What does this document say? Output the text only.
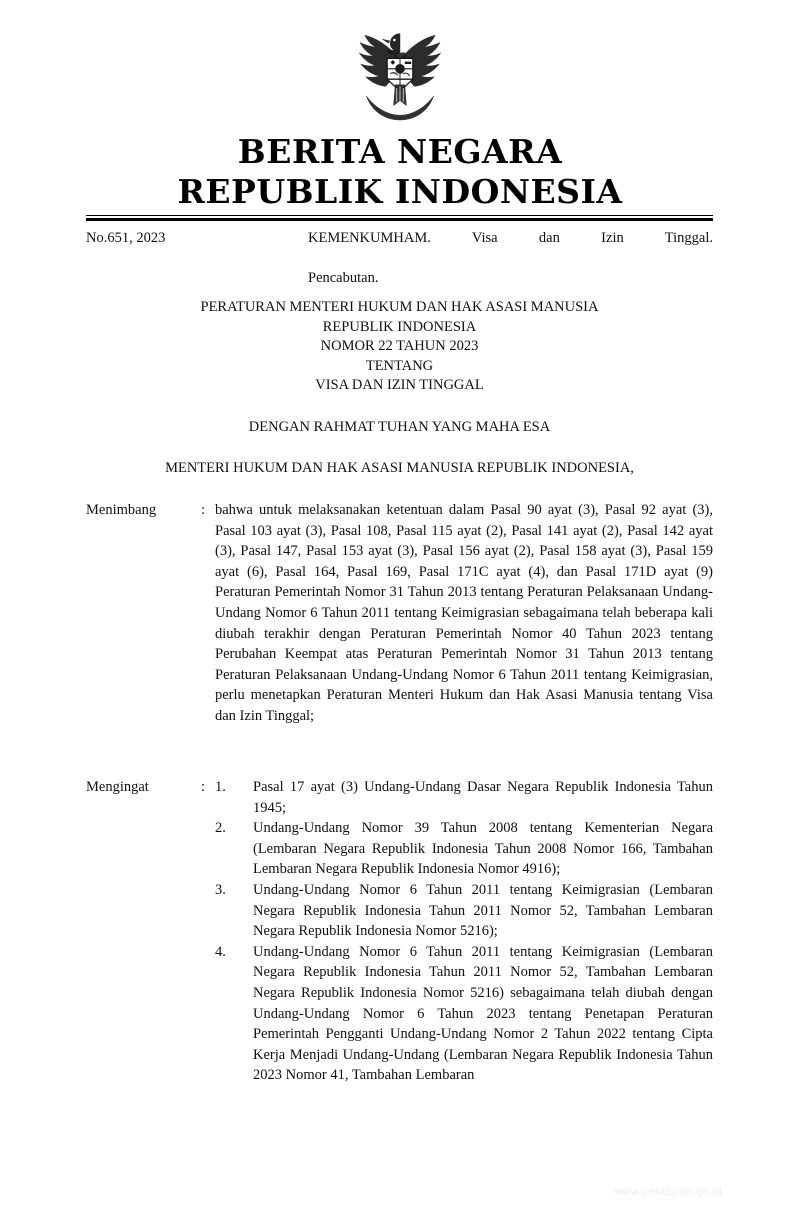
BERITA NEGARA
REPUBLIK INDONESIA
No.651, 2023	KEMENKUMHAM. Visa dan Izin Tinggal.
Pencabutan.
PERATURAN MENTERI HUKUM DAN HAK ASASI MANUSIA
REPUBLIK INDONESIA
NOMOR 22 TAHUN 2023
TENTANG
VISA DAN IZIN TINGGAL
DENGAN RAHMAT TUHAN YANG MAHA ESA
MENTERI HUKUM DAN HAK ASASI MANUSIA REPUBLIK INDONESIA,
Menimbang	: bahwa untuk melaksanakan ketentuan dalam Pasal 90 ayat (3), Pasal 92 ayat (3), Pasal 103 ayat (3), Pasal 108, Pasal 115 ayat (2), Pasal 141 ayat (2), Pasal 142 ayat (3), Pasal 147, Pasal 153 ayat (3), Pasal 156 ayat (2), Pasal 158 ayat (3), Pasal 159 ayat (6), Pasal 164, Pasal 169, Pasal 171C ayat (4), dan Pasal 171D ayat (9) Peraturan Pemerintah Nomor 31 Tahun 2013 tentang Peraturan Pelaksanaan Undang-Undang Nomor 6 Tahun 2011 tentang Keimigrasian sebagaimana telah beberapa kali diubah terakhir dengan Peraturan Pemerintah Nomor 40 Tahun 2023 tentang Perubahan Keempat atas Peraturan Pemerintah Nomor 31 Tahun 2013 tentang Peraturan Pelaksanaan Undang-Undang Nomor 6 Tahun 2011 tentang Keimigrasian, perlu menetapkan Peraturan Menteri Hukum dan Hak Asasi Manusia tentang Visa dan Izin Tinggal;

Mengingat	: 1.	Pasal 17 ayat (3) Undang-Undang Dasar Negara Republik Indonesia Tahun 1945;
2.	Undang-Undang Nomor 39 Tahun 2008 tentang Kementerian Negara (Lembaran Negara Republik Indonesia Tahun 2008 Nomor 166, Tambahan Lembaran Negara Republik Indonesia Nomor 4916);
3.	Undang-Undang Nomor 6 Tahun 2011 tentang Keimigrasian (Lembaran Negara Republik Indonesia Tahun 2011 Nomor 52, Tambahan Lembaran Negara Republik Indonesia Nomor 5216);
4.	Undang-Undang Nomor 6 Tahun 2011 tentang Keimigrasian (Lembaran Negara Republik Indonesia Tahun 2011 Nomor 52, Tambahan Lembaran Negara Republik Indonesia Nomor 5216) sebagaimana telah diubah dengan Undang-Undang Nomor 6 Tahun 2023 tentang Penetapan Peraturan Pemerintah Pengganti Undang-Undang Nomor 2 Tahun 2022 tentang Cipta Kerja Menjadi Undang-Undang (Lembaran Negara Republik Indonesia Tahun 2023 Nomor 41, Tambahan Lembaran
www.peraturan.go.id
